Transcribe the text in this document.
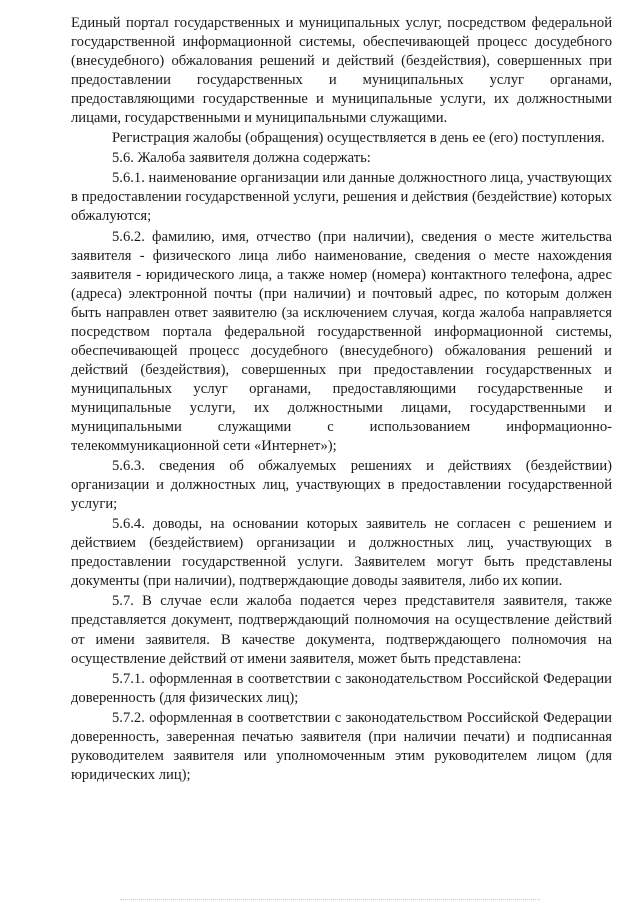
Единый портал государственных и муниципальных услуг, посредством федеральной государственной информационной системы, обеспечивающей процесс досудебного (внесудебного) обжалования решений и действий (бездействия), совершенных при предоставлении государственных и муниципальных услуг органами, предоставляющими государственные и муниципальные услуги, их должностными лицами, государственными и муниципальными служащими.

Регистрация жалобы (обращения) осуществляется в день ее (его) поступления.

5.6. Жалоба заявителя должна содержать:

5.6.1. наименование организации или данные должностного лица, участвующих в предоставлении государственной услуги, решения и действия (бездействие) которых обжалуются;

5.6.2. фамилию, имя, отчество (при наличии), сведения о месте жительства заявителя - физического лица либо наименование, сведения о месте нахождения заявителя - юридического лица, а также номер (номера) контактного телефона, адрес (адреса) электронной почты (при наличии) и почтовый адрес, по которым должен быть направлен ответ заявителю (за исключением случая, когда жалоба направляется посредством портала федеральной государственной информационной системы, обеспечивающей процесс досудебного (внесудебного) обжалования решений и действий (бездействия), совершенных при предоставлении государственных и муниципальных услуг органами, предоставляющими государственные и муниципальные услуги, их должностными лицами, государственными и муниципальными служащими с использованием информационно-телекоммуникационной сети «Интернет»);

5.6.3. сведения об обжалуемых решениях и действиях (бездействии) организации и должностных лиц, участвующих в предоставлении государственной услуги;

5.6.4. доводы, на основании которых заявитель не согласен с решением и действием (бездействием) организации и должностных лиц, участвующих в предоставлении государственной услуги. Заявителем могут быть представлены документы (при наличии), подтверждающие доводы заявителя, либо их копии.

5.7. В случае если жалоба подается через представителя заявителя, также представляется документ, подтверждающий полномочия на осуществление действий от имени заявителя. В качестве документа, подтверждающего полномочия на осуществление действий от имени заявителя, может быть представлена:

5.7.1. оформленная в соответствии с законодательством Российской Федерации доверенность (для физических лиц);

5.7.2. оформленная в соответствии с законодательством Российской Федерации доверенность, заверенная печатью заявителя (при наличии печати) и подписанная руководителем заявителя или уполномоченным этим руководителем лицом (для юридических лиц);
